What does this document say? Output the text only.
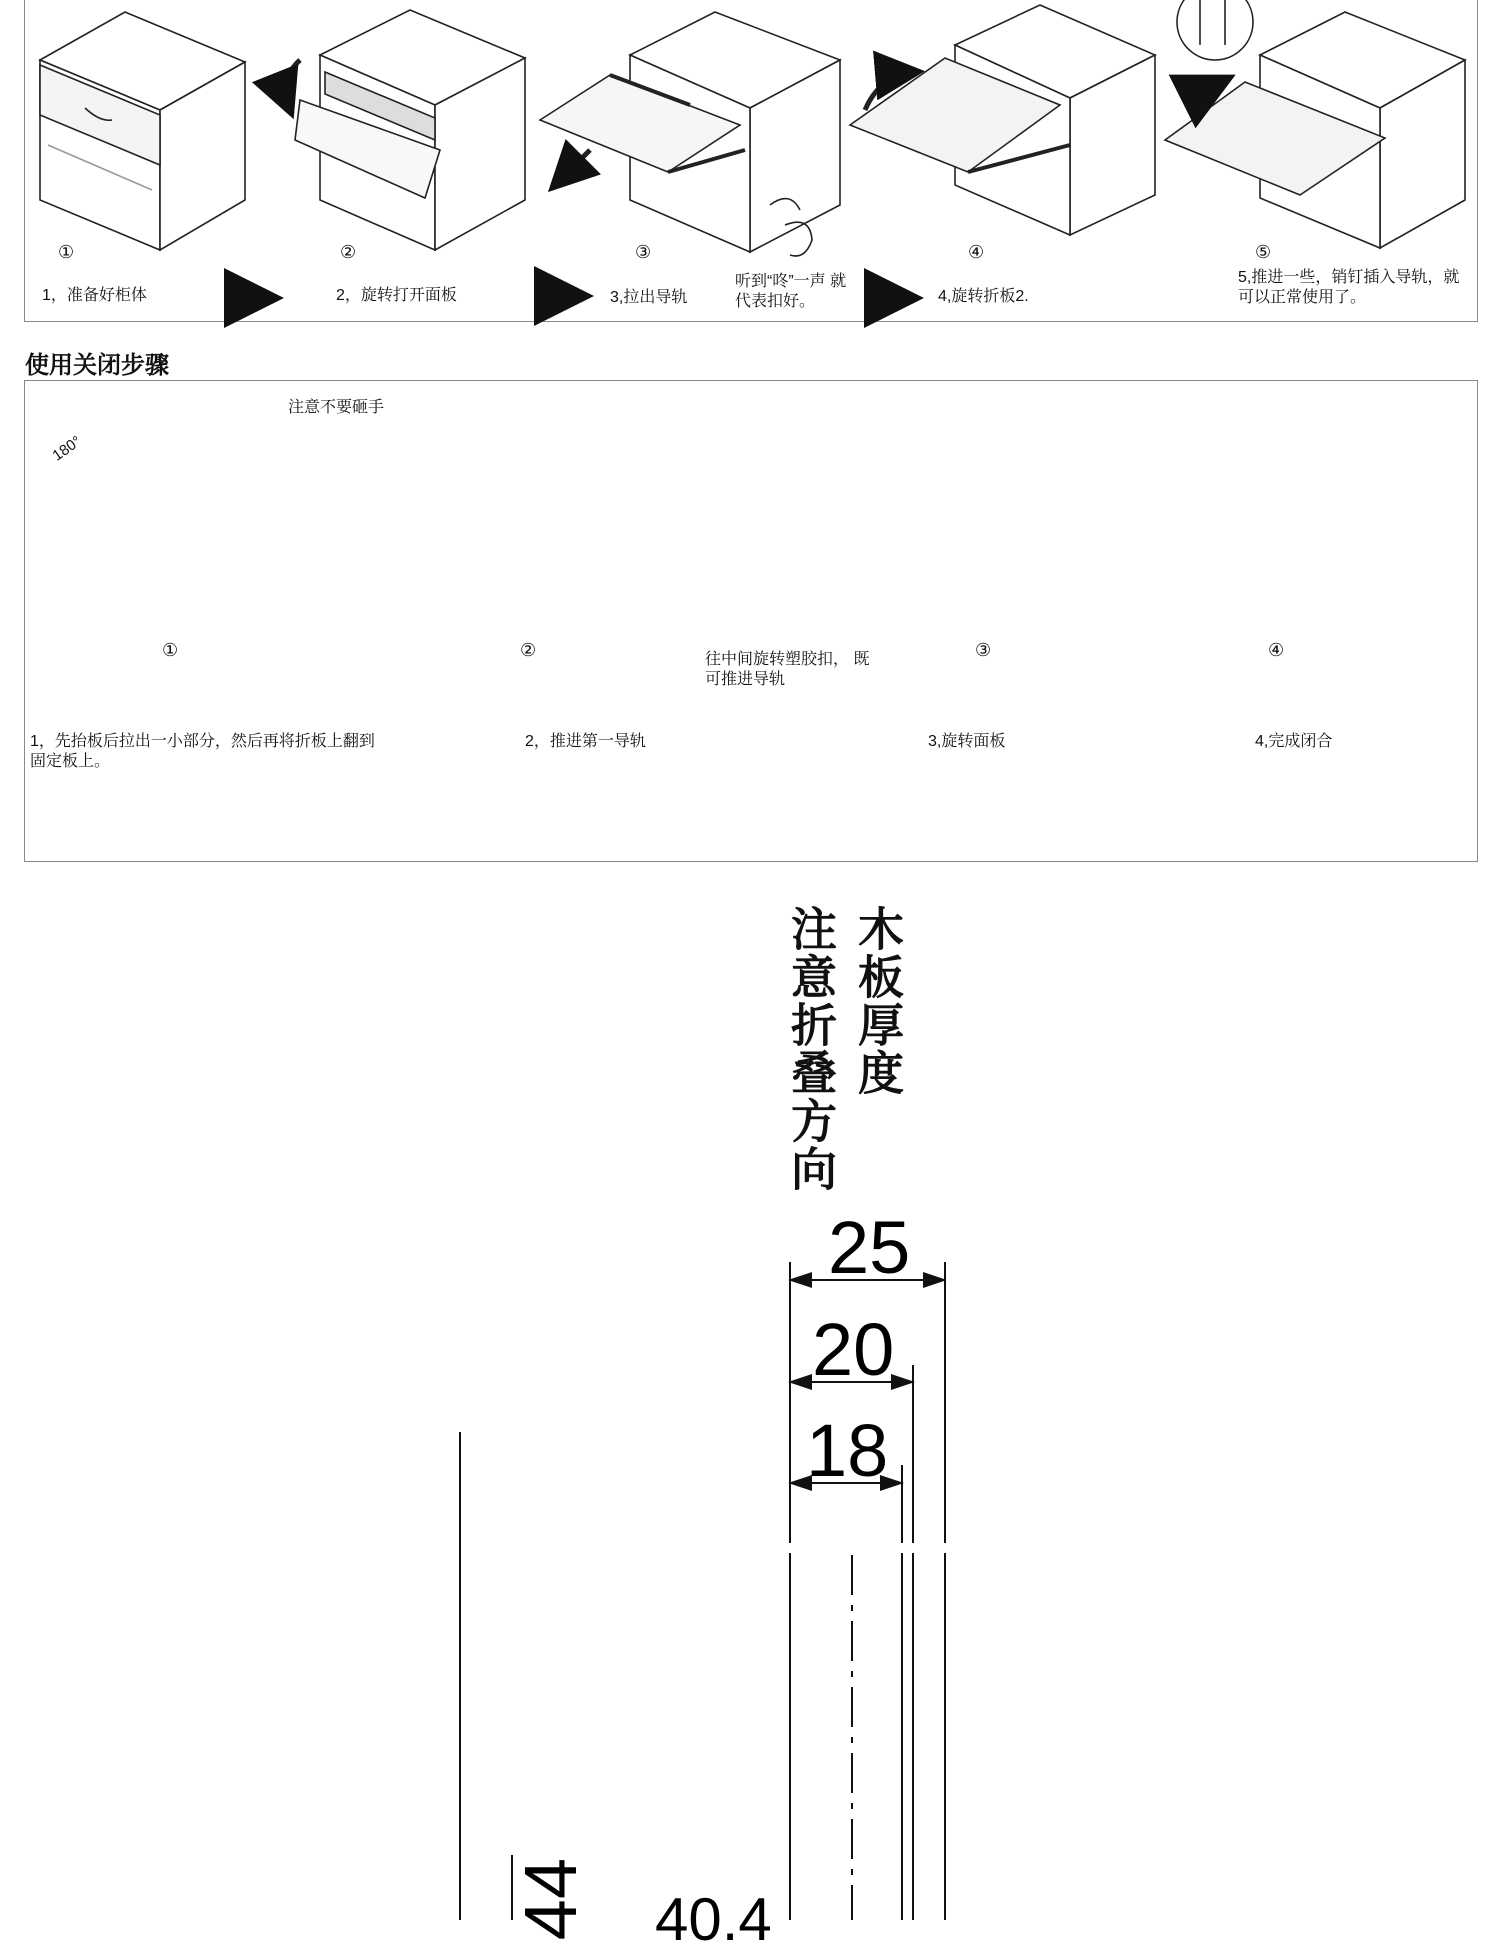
①	②	③	④	⑤
1，准备好柜体	2，旋转打开面板	3,拉出导轨
听到“咚”一声 就代表扣好。	4,旋转折板2.
5,推进一些，销钉插入导轨，就可以正常使用了。
使用关闭步骤
注意不要砸手
180°
往中间旋转塑胶扣， 既可推进导轨
①	②	③	④
1，先抬板后拉出一小部分，然后再将折板上翻到固定板上。
2，推进第一导轨	3,旋转面板	4,完成闭合
木板厚度
注意折叠方向
25
20
18
44 40.4
